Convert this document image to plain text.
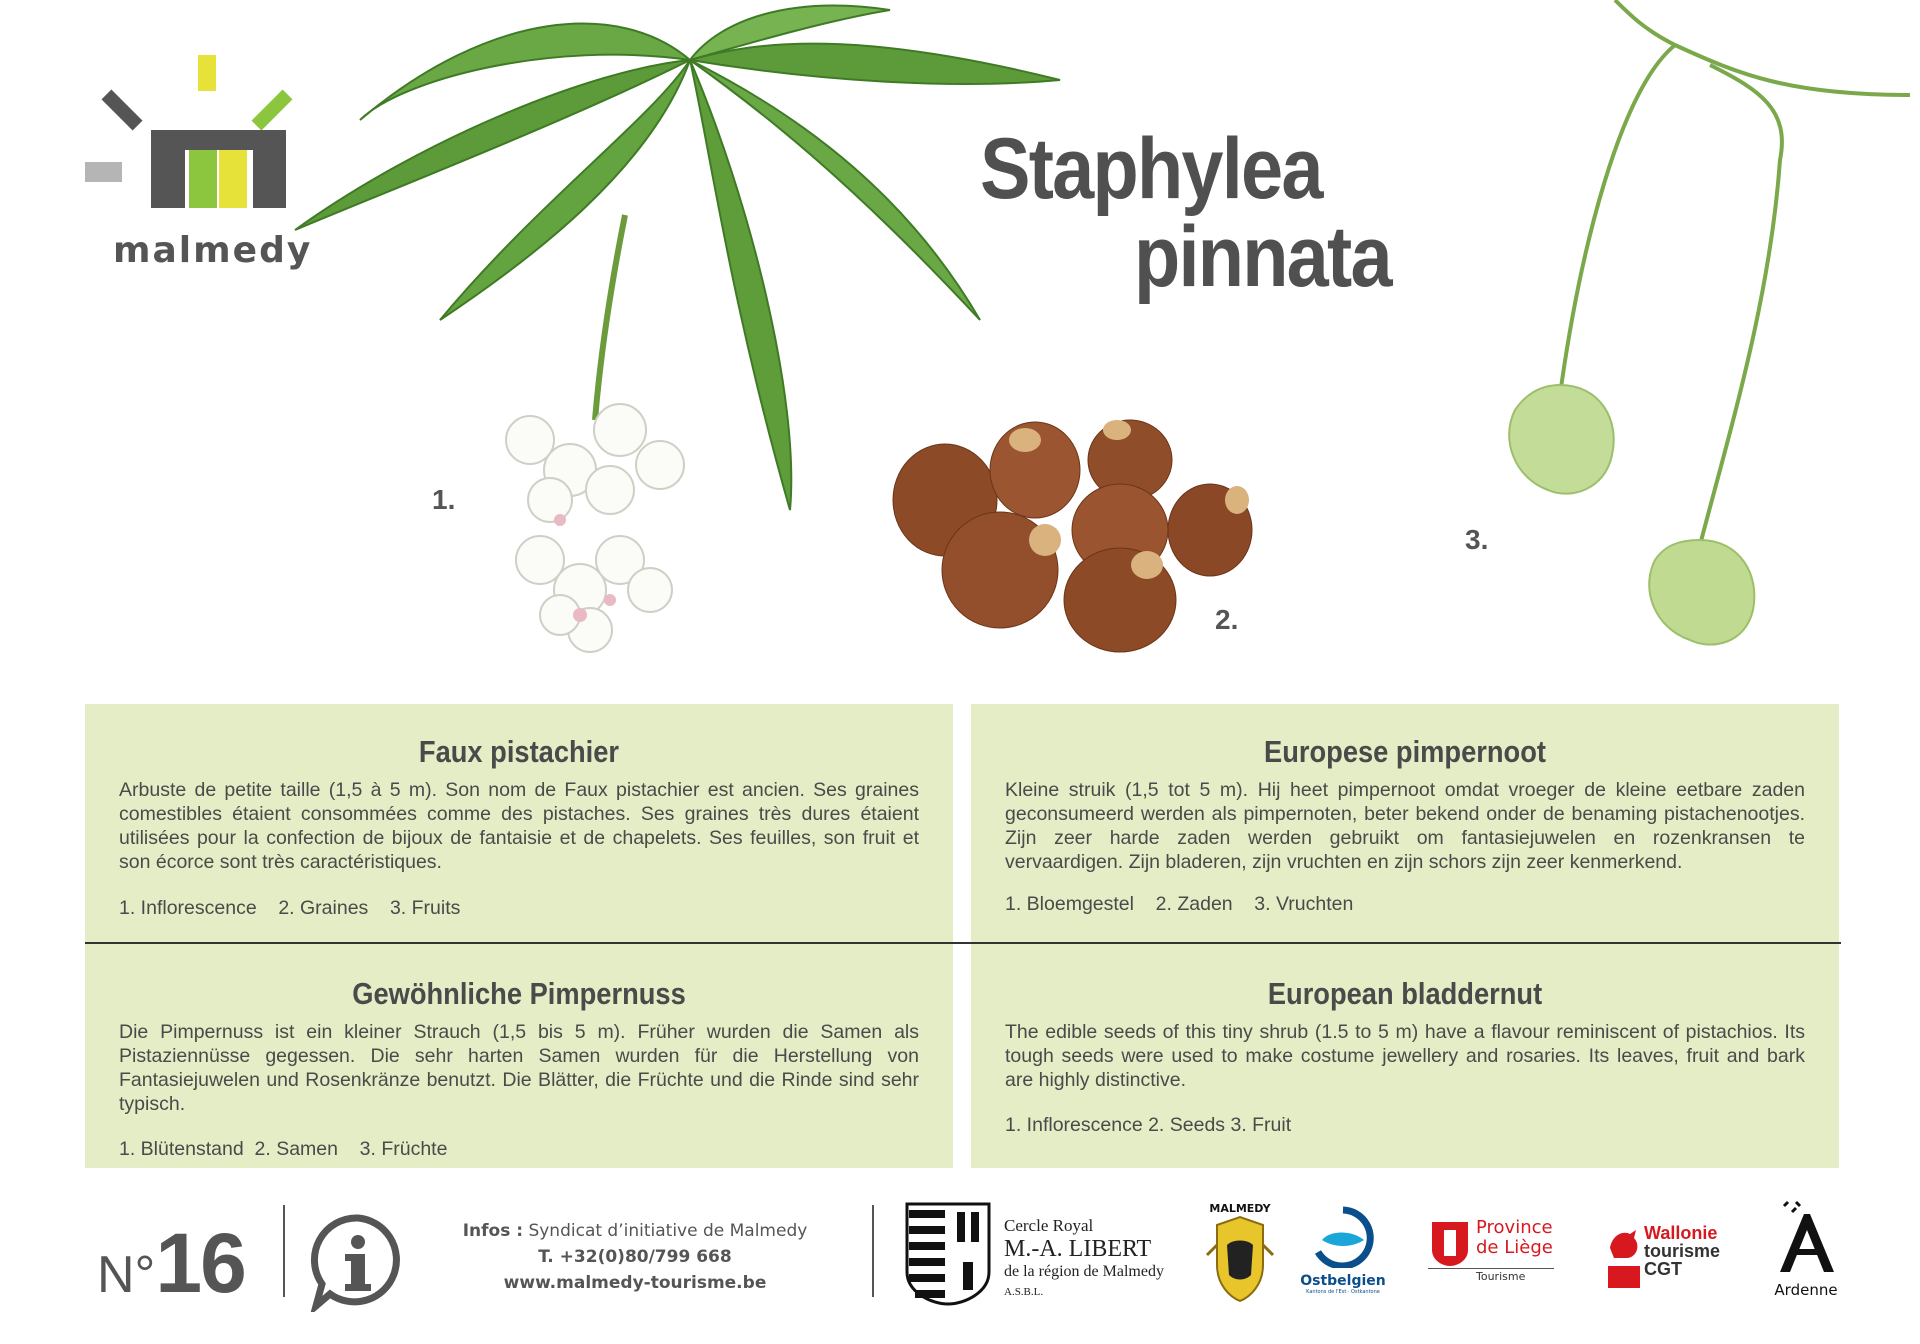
malmedy
Staphylea
pinnata
1.
2.
3.
Faux pistachier

Arbuste de petite taille (1,5 à 5 m). Son nom de Faux pistachier est ancien. Ses graines comestibles étaient consommées comme des pistaches. Ses graines très dures étaient utilisées pour la confection de bijoux de fantaisie et de chapelets. Ses feuilles, son fruit et son écorce sont très caractéristiques.

1. Inflorescence    2. Graines    3. Fruits
Europese pimpernoot

Kleine struik (1,5 tot 5 m). Hij heet pimpernoot omdat vroeger de kleine eetbare zaden geconsumeerd werden als pimpernoten, beter bekend onder de benaming pistachenootjes. Zijn zeer harde zaden werden gebruikt om fantasiejuwelen en rozenkransen te vervaardigen. Zijn bladeren, zijn vruchten en zijn schors zijn zeer kenmerkend.

1. Bloemgestel    2. Zaden    3. Vruchten
Gewöhnliche Pimpernuss

Die Pimpernuss ist ein kleiner Strauch (1,5 bis 5 m). Früher wurden die Samen als Pistaziennüsse gegessen. Die sehr harten Samen wurden für die Herstellung von Fantasiejuwelen und Rosenkränze benutzt. Die Blätter, die Früchte und die Rinde sind sehr typisch.

1. Blütenstand  2. Samen    3. Früchte
European bladdernut

The edible seeds of this tiny shrub (1.5 to 5 m) have a flavour reminiscent of pistachios. Its tough seeds were used to make costume jewellery and rosaries. Its leaves, fruit and bark are highly distinctive.

1. Inflorescence 2. Seeds 3. Fruit
N°16	Infos : Syndicat d’initiative de Malmedy
T. +32(0)80/799 668
www.malmedy-tourisme.be
Cercle Royal
M.-A. LIBERT
de la région de Malmedy
A.S.B.L.
MALMEDY
Ostbelgien
Kantons de l'Est · Ostkantone
Province
de Liège
Tourisme
Wallonie
tourisme
CGT
Ardenne
